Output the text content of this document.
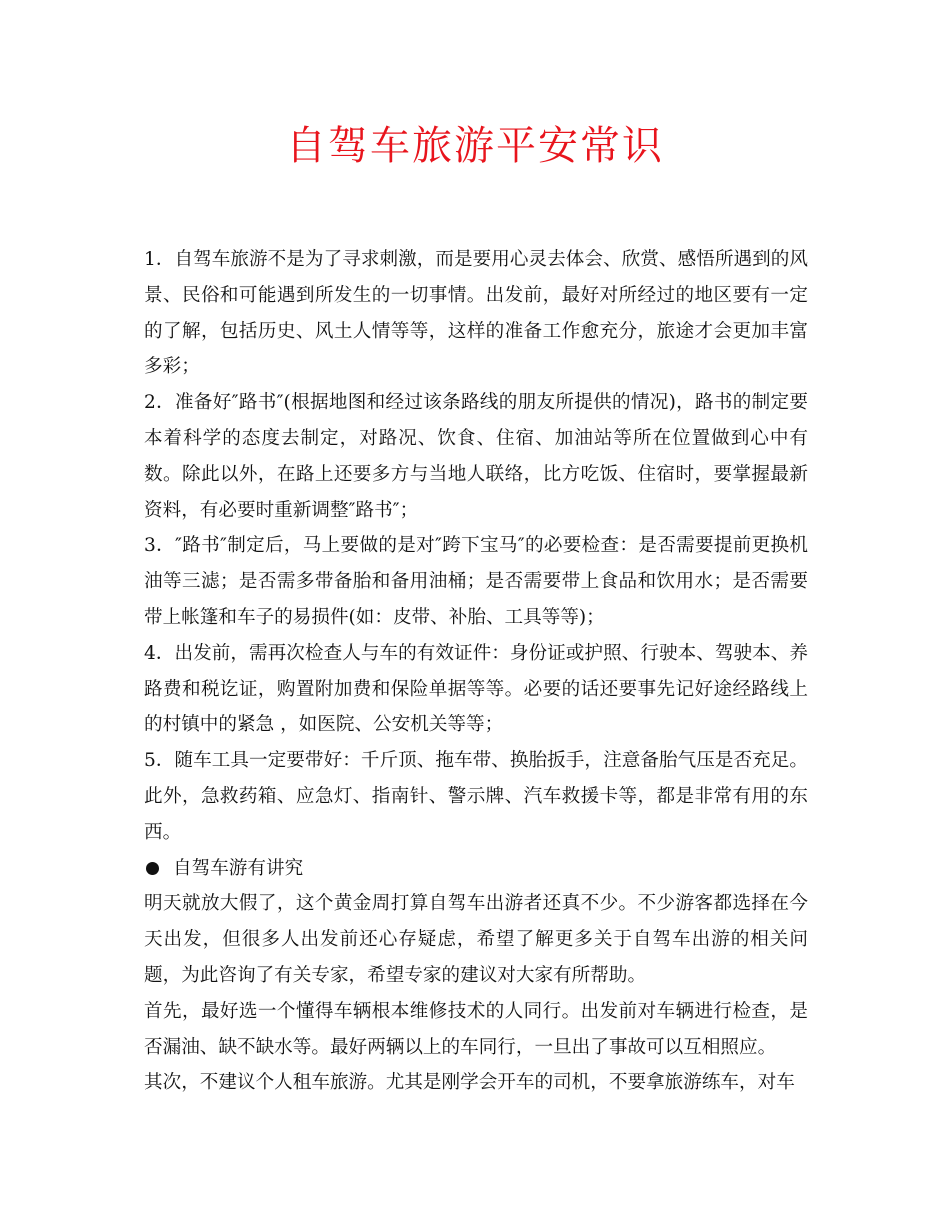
自驾车旅游平安常识

1．自驾车旅游不是为了寻求刺激，而是要用心灵去体会、欣赏、感悟所遇到的风景、民俗和可能遇到所发生的一切事情。出发前，最好对所经过的地区要有一定的了解，包括历史、风土人情等等，这样的准备工作愈充分，旅途才会更加丰富多彩；

2．准备好″路书″(根据地图和经过该条路线的朋友所提供的情况)，路书的制定要本着科学的态度去制定，对路况、饮食、住宿、加油站等所在位置做到心中有数。除此以外，在路上还要多方与当地人联络，比方吃饭、住宿时，要掌握最新资料，有必要时重新调整″路书″；

3．″路书″制定后，马上要做的是对″跨下宝马″的必要检查：是否需要提前更换机油等三滤；是否需多带备胎和备用油桶；是否需要带上食品和饮用水；是否需要带上帐篷和车子的易损件(如：皮带、补胎、工具等等)；

4．出发前，需再次检查人与车的有效证件：身份证或护照、行驶本、驾驶本、养路费和税讫证，购置附加费和保险单据等等。必要的话还要事先记好途经路线上的村镇中的紧急 ，如医院、公安机关等等；

5．随车工具一定要带好：千斤顶、拖车带、换胎扳手，注意备胎气压是否充足。此外，急救药箱、应急灯、指南针、警示牌、汽车救援卡等，都是非常有用的东西。

自驾车游有讲究

明天就放大假了，这个黄金周打算自驾车出游者还真不少。不少游客都选择在今天出发，但很多人出发前还心存疑虑，希望了解更多关于自驾车出游的相关问题，为此咨询了有关专家，希望专家的建议对大家有所帮助。

首先，最好选一个懂得车辆根本维修技术的人同行。出发前对车辆进行检查，是否漏油、缺不缺水等。最好两辆以上的车同行，一旦出了事故可以互相照应。

其次，不建议个人租车旅游。尤其是刚学会开车的司机，不要拿旅游练车，对车
